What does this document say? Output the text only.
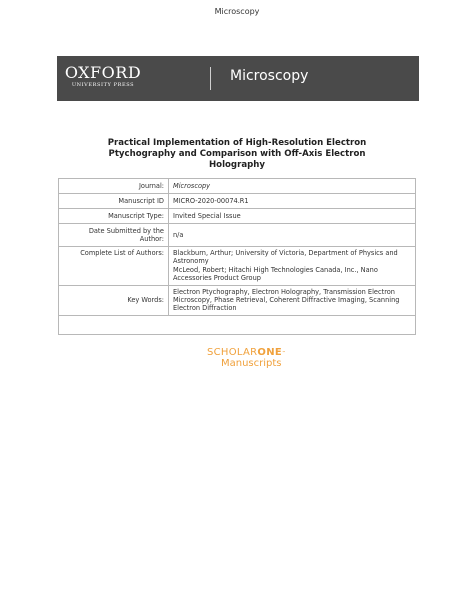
Microscopy
OXFORD
UNIVERSITY PRESS
Microscopy
Practical Implementation of High-Resolution Electron Ptychography and Comparison with Off-Axis Electron Holography
Journal:	Microscopy
Manuscript ID	MICRO-2020-00074.R1
Manuscript Type:	Invited Special Issue
Date Submitted by the Author:	n/a
Complete List of Authors:	Blackburn, Arthur; University of Victoria, Department of Physics and Astronomy
McLeod, Robert; Hitachi High Technologies Canada, Inc., Nano Accessories Product Group
Key Words:	Electron Ptychography, Electron Holography, Transmission Electron Microscopy, Phase Retrieval, Coherent Diffractive Imaging, Scanning Electron Diffraction

SCHOLARONE™
Manuscripts
